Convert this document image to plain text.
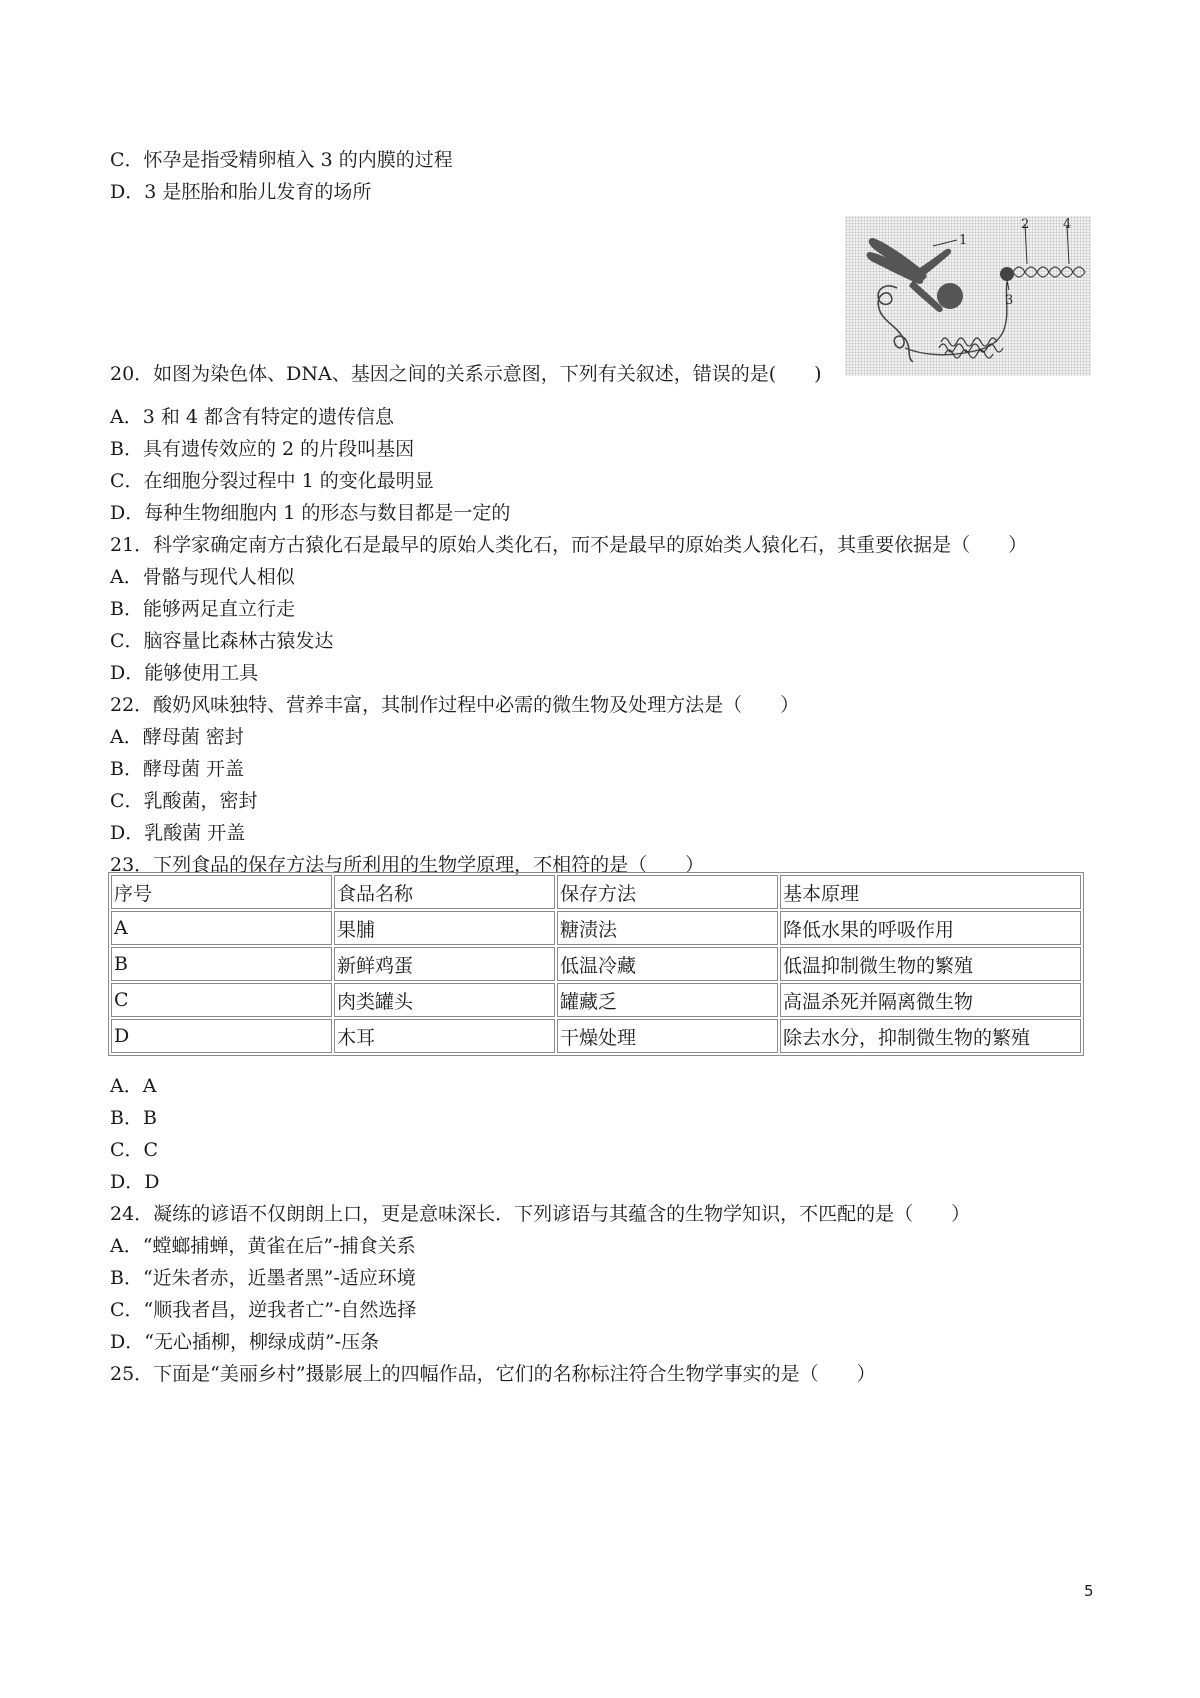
C．怀孕是指受精卵植入 3 的内膜的过程
D．3 是胚胎和胎儿发育的场所
1
2
3
4
20．如图为染色体、DNA、基因之间的关系示意图，下列有关叙述，错误的是(　　)
A．3 和 4 都含有特定的遗传信息
B．具有遗传效应的 2 的片段叫基因
C．在细胞分裂过程中 1 的变化最明显
D．每种生物细胞内 1 的形态与数目都是一定的
21．科学家确定南方古猿化石是最早的原始人类化石，而不是最早的原始类人猿化石，其重要依据是（　　）
A．骨骼与现代人相似
B．能够两足直立行走
C．脑容量比森林古猿发达
D．能够使用工具
22．酸奶风味独特、营养丰富，其制作过程中必需的微生物及处理方法是（　　）
A．酵母菌 密封
B．酵母菌 开盖
C．乳酸菌，密封
D．乳酸菌 开盖
23．下列食品的保存方法与所利用的生物学原理，不相符的是（　　）
序号	食品名称	保存方法	基本原理
A	果脯	糖渍法	降低水果的呼吸作用
B	新鲜鸡蛋	低温冷藏	低温抑制微生物的繁殖
C	肉类罐头	罐藏乏	高温杀死并隔离微生物
D	木耳	干燥处理	除去水分，抑制微生物的繁殖
A．A
B．B
C．C
D．D
24．凝练的谚语不仅朗朗上口，更是意味深长．下列谚语与其蕴含的生物学知识，不匹配的是（　　）
A．“螳螂捕蝉，黄雀在后”-捕食关系
B．“近朱者赤，近墨者黑”-适应环境
C．“顺我者昌，逆我者亡”-自然选择
D．“无心插柳，柳绿成荫”-压条
25．下面是“美丽乡村”摄影展上的四幅作品，它们的名称标注符合生物学事实的是（　　）
5
